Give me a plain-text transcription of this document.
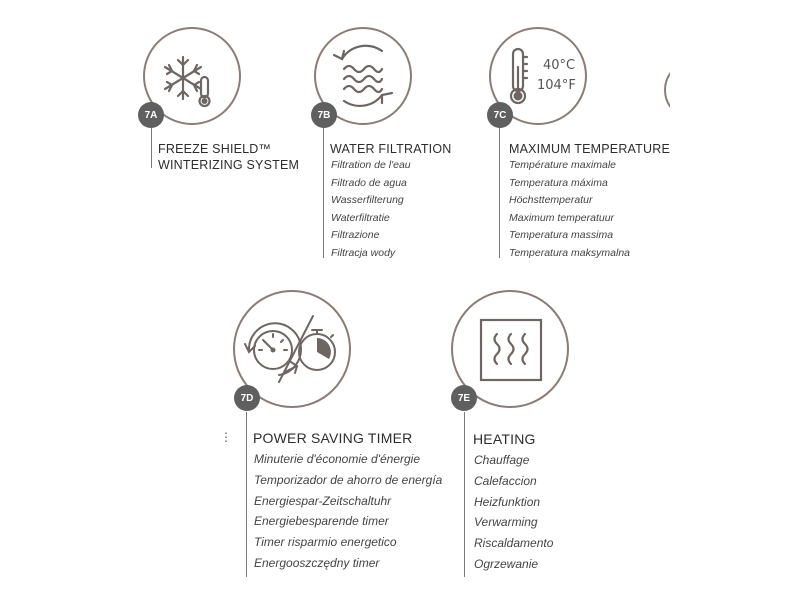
7A
FREEZE SHIELD™
WINTERIZING SYSTEM
7B
WATER FILTRATION
Filtration de l'eau
Filtrado de agua
Wasserfilterung
Waterfiltratie
Filtrazione
Filtracja wody
40°C
104°F
7C
MAXIMUM TEMPERATURE
Température maximale
Temperatura máxima
Höchsttemperatur
Maximum temperatuur
Temperatura massima
Temperatura maksymalna
7D
⋮ POWER SAVING TIMER
Minuterie d'économie d'énergie
Temporizador de ahorro de energía
Energiespar-Zeitschaltuhr
Energiebesparende timer
Timer risparmio energetico
Energooszczędny timer
7E
HEATING
Chauffage
Calefaccion
Heizfunktion
Verwarming
Riscaldamento
Ogrzewanie
